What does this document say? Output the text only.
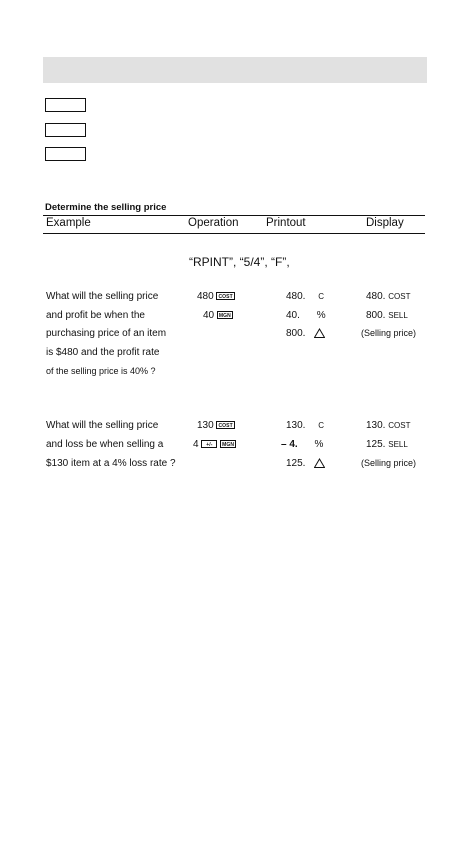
Determine the selling price
Example	Operation Printout	Display
“RPINT”, “5/4”, “F”,
What will the selling price
and profit be when the
purchasing price of an item
is $480 and the profit rate
of the selling price is 40% ?
480 COST
40 MGN
480. C
40. %
800.
480. COST
800. SELL
(Selling price)
What will the selling price
and loss be when selling a
$130 item at a 4% loss rate ?
130 COST
4 +/- MGN
130. C
– 4. %
125.
130. COST
125. SELL
(Selling price)
